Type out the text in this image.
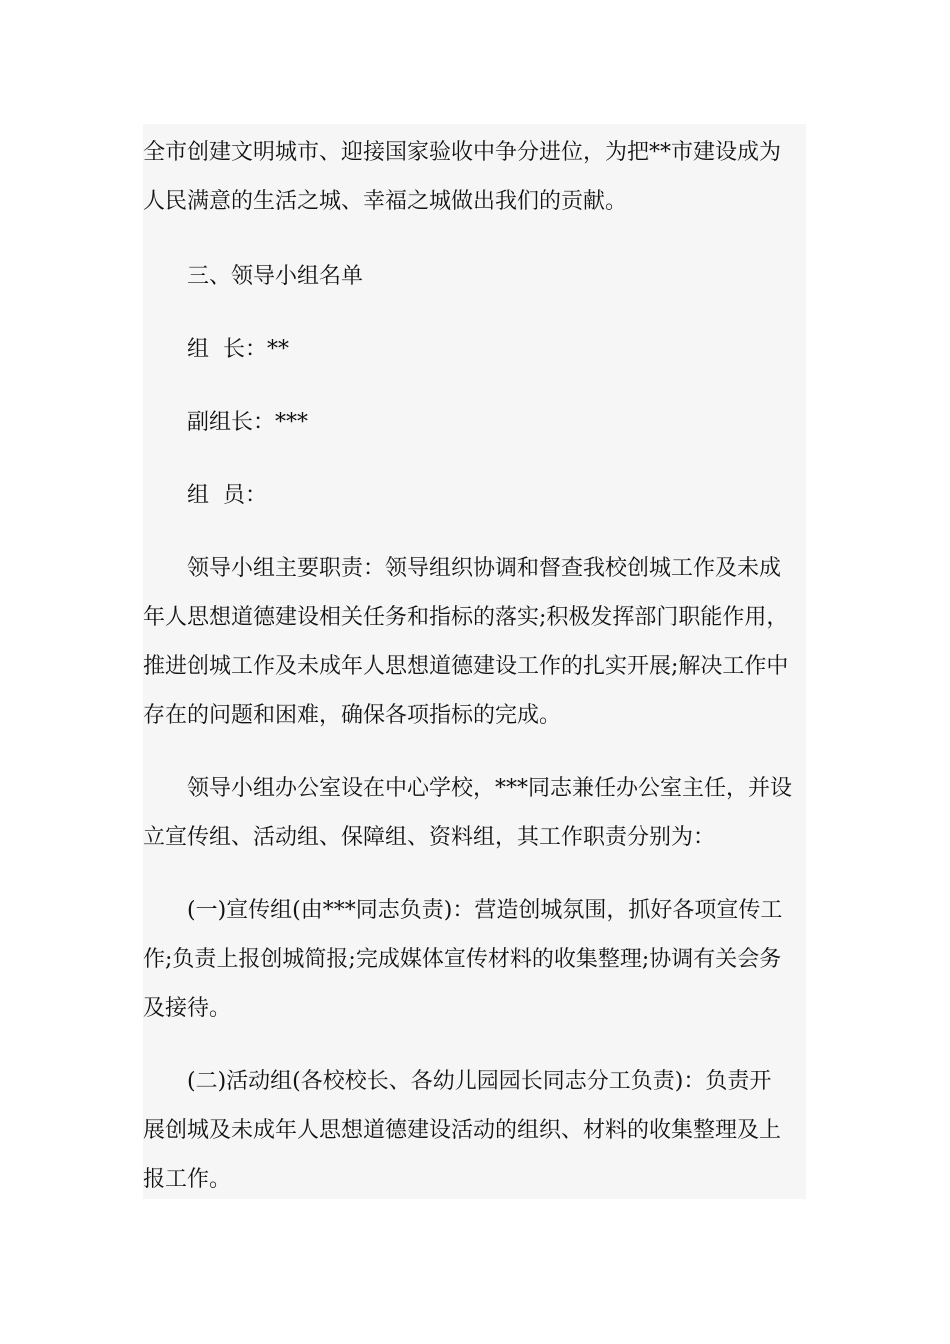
全市创建文明城市、迎接国家验收中争分进位，为把**市建设成为
人民满意的生活之城、幸福之城做出我们的贡献。

三、领导小组名单

组  长：**

副组长：***

组  员：

领导小组主要职责：领导组织协调和督查我校创城工作及未成
年人思想道德建设相关任务和指标的落实;积极发挥部门职能作用，
推进创城工作及未成年人思想道德建设工作的扎实开展;解决工作中
存在的问题和困难，确保各项指标的完成。

领导小组办公室设在中心学校，***同志兼任办公室主任，并设
立宣传组、活动组、保障组、资料组，其工作职责分别为：

(一)宣传组(由***同志负责)：营造创城氛围，抓好各项宣传工
作;负责上报创城简报;完成媒体宣传材料的收集整理;协调有关会务
及接待。

(二)活动组(各校校长、各幼儿园园长同志分工负责)：负责开
展创城及未成年人思想道德建设活动的组织、材料的收集整理及上
报工作。
